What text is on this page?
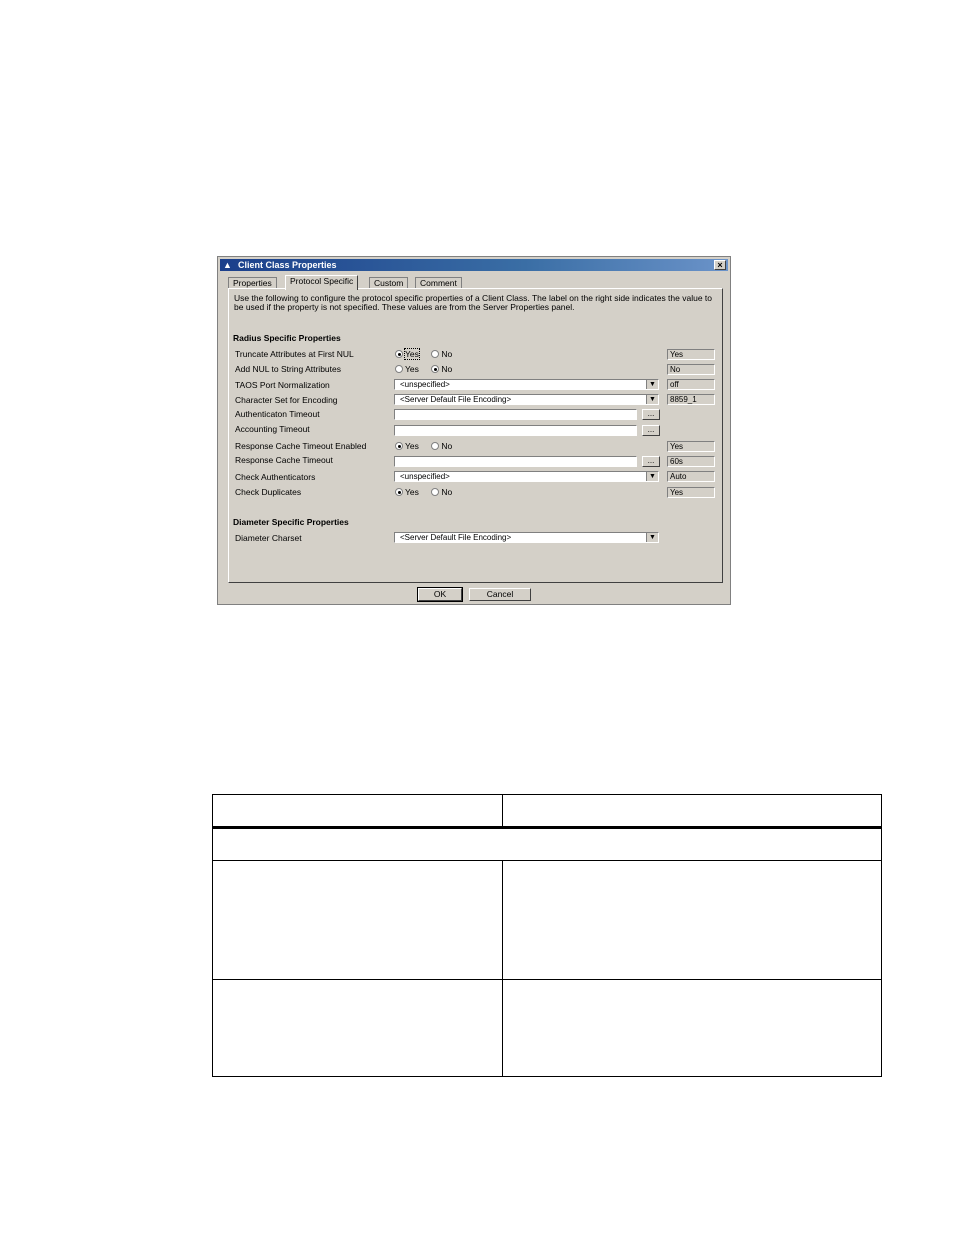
▲ Client Class Properties	×
Properties	Protocol Specific	Custom	Comment
Use the following to configure the protocol specific properties of a Client Class. The label on the right side indicates the value to be used if the property is not specified. These values are from the Server Properties panel.
Radius Specific Properties
Truncate Attributes at First NUL	Yes	No	Yes
Add NUL to String Attributes	Yes	No	No
TAOS Port Normalization	<unspecified>	▼	off
Character Set for Encoding	<Server Default File Encoding>	▼	8859_1
Authenticaton Timeout	...
Accounting Timeout	...
Response Cache Timeout Enabled	Yes	No	Yes
Response Cache Timeout	...	60s
Check Authenticators	<unspecified>	▼	Auto
Check Duplicates	Yes	No	Yes
Diameter Specific Properties
Diameter Charset	<Server Default File Encoding>	▼
OK	Cancel
